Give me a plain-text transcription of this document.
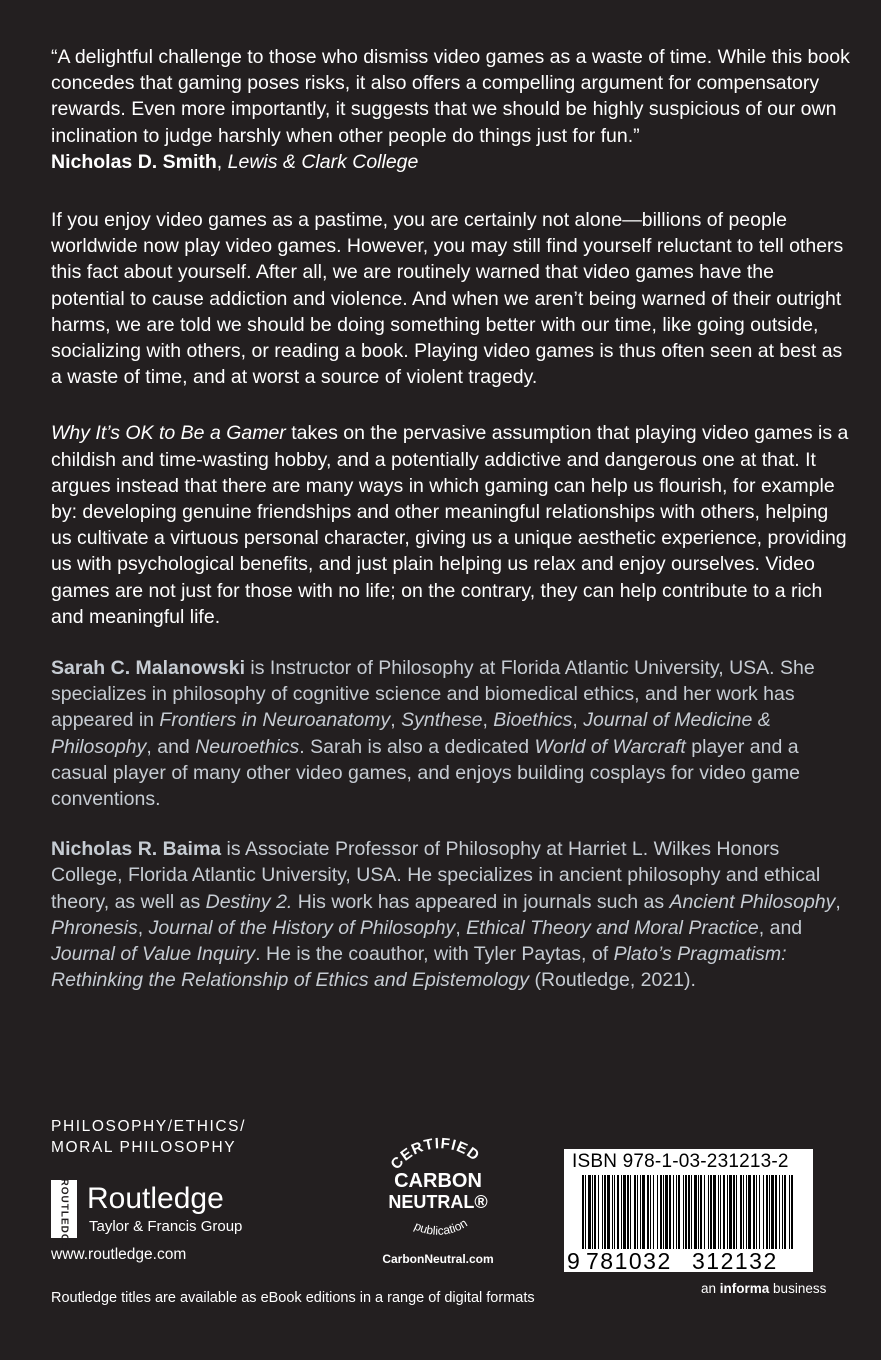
“A delightful challenge to those who dismiss video games as a waste of time. While this book concedes that gaming poses risks, it also offers a compelling argument for compensatory rewards. Even more importantly, it suggests that we should be highly suspicious of our own inclination to judge harshly when other people do things just for fun.”

Nicholas D. Smith, Lewis & Clark College

If you enjoy video games as a pastime, you are certainly not alone—billions of people worldwide now play video games. However, you may still find yourself reluctant to tell others this fact about yourself. After all, we are routinely warned that video games have the potential to cause addiction and violence. And when we aren’t being warned of their outright harms, we are told we should be doing something better with our time, like going outside, socializing with others, or reading a book. Playing video games is thus often seen at best as a waste of time, and at worst a source of violent tragedy.

Why It’s OK to Be a Gamer takes on the pervasive assumption that playing video games is a childish and time-wasting hobby, and a potentially addictive and dangerous one at that. It argues instead that there are many ways in which gaming can help us flourish, for example by: developing genuine friendships and other meaningful relationships with others, helping us cultivate a virtuous personal character, giving us a unique aesthetic experience, providing us with psychological benefits, and just plain helping us relax and enjoy ourselves. Video games are not just for those with no life; on the contrary, they can help contribute to a rich and meaningful life.

Sarah C. Malanowski is Instructor of Philosophy at Florida Atlantic University, USA. She specializes in philosophy of cognitive science and biomedical ethics, and her work has appeared in Frontiers in Neuroanatomy, Synthese, Bioethics, Journal of Medicine & Philosophy, and Neuroethics. Sarah is also a dedicated World of Warcraft player and a casual player of many other video games, and enjoys building cosplays for video game conventions.

Nicholas R. Baima is Associate Professor of Philosophy at Harriet L. Wilkes Honors College, Florida Atlantic University, USA. He specializes in ancient philosophy and ethical theory, as well as Destiny 2. His work has appeared in journals such as Ancient Philosophy, Phronesis, Journal of the History of Philosophy, Ethical Theory and Moral Practice, and Journal of Value Inquiry. He is the coauthor, with Tyler Paytas, of Plato’s Pragmatism: Rethinking the Relationship of Ethics and Epistemology (Routledge, 2021).

PHILOSOPHY/ETHICS/
MORAL PHILOSOPHY
ROUTLEDGE Routledge
Taylor & Francis Group
www.routledge.com
CERTIFIED
CARBON
NEUTRAL®
publication
CarbonNeutral.com
ISBN 978-1-03-231213-2
9 781032 312132
an informa business
Routledge titles are available as eBook editions in a range of digital formats
